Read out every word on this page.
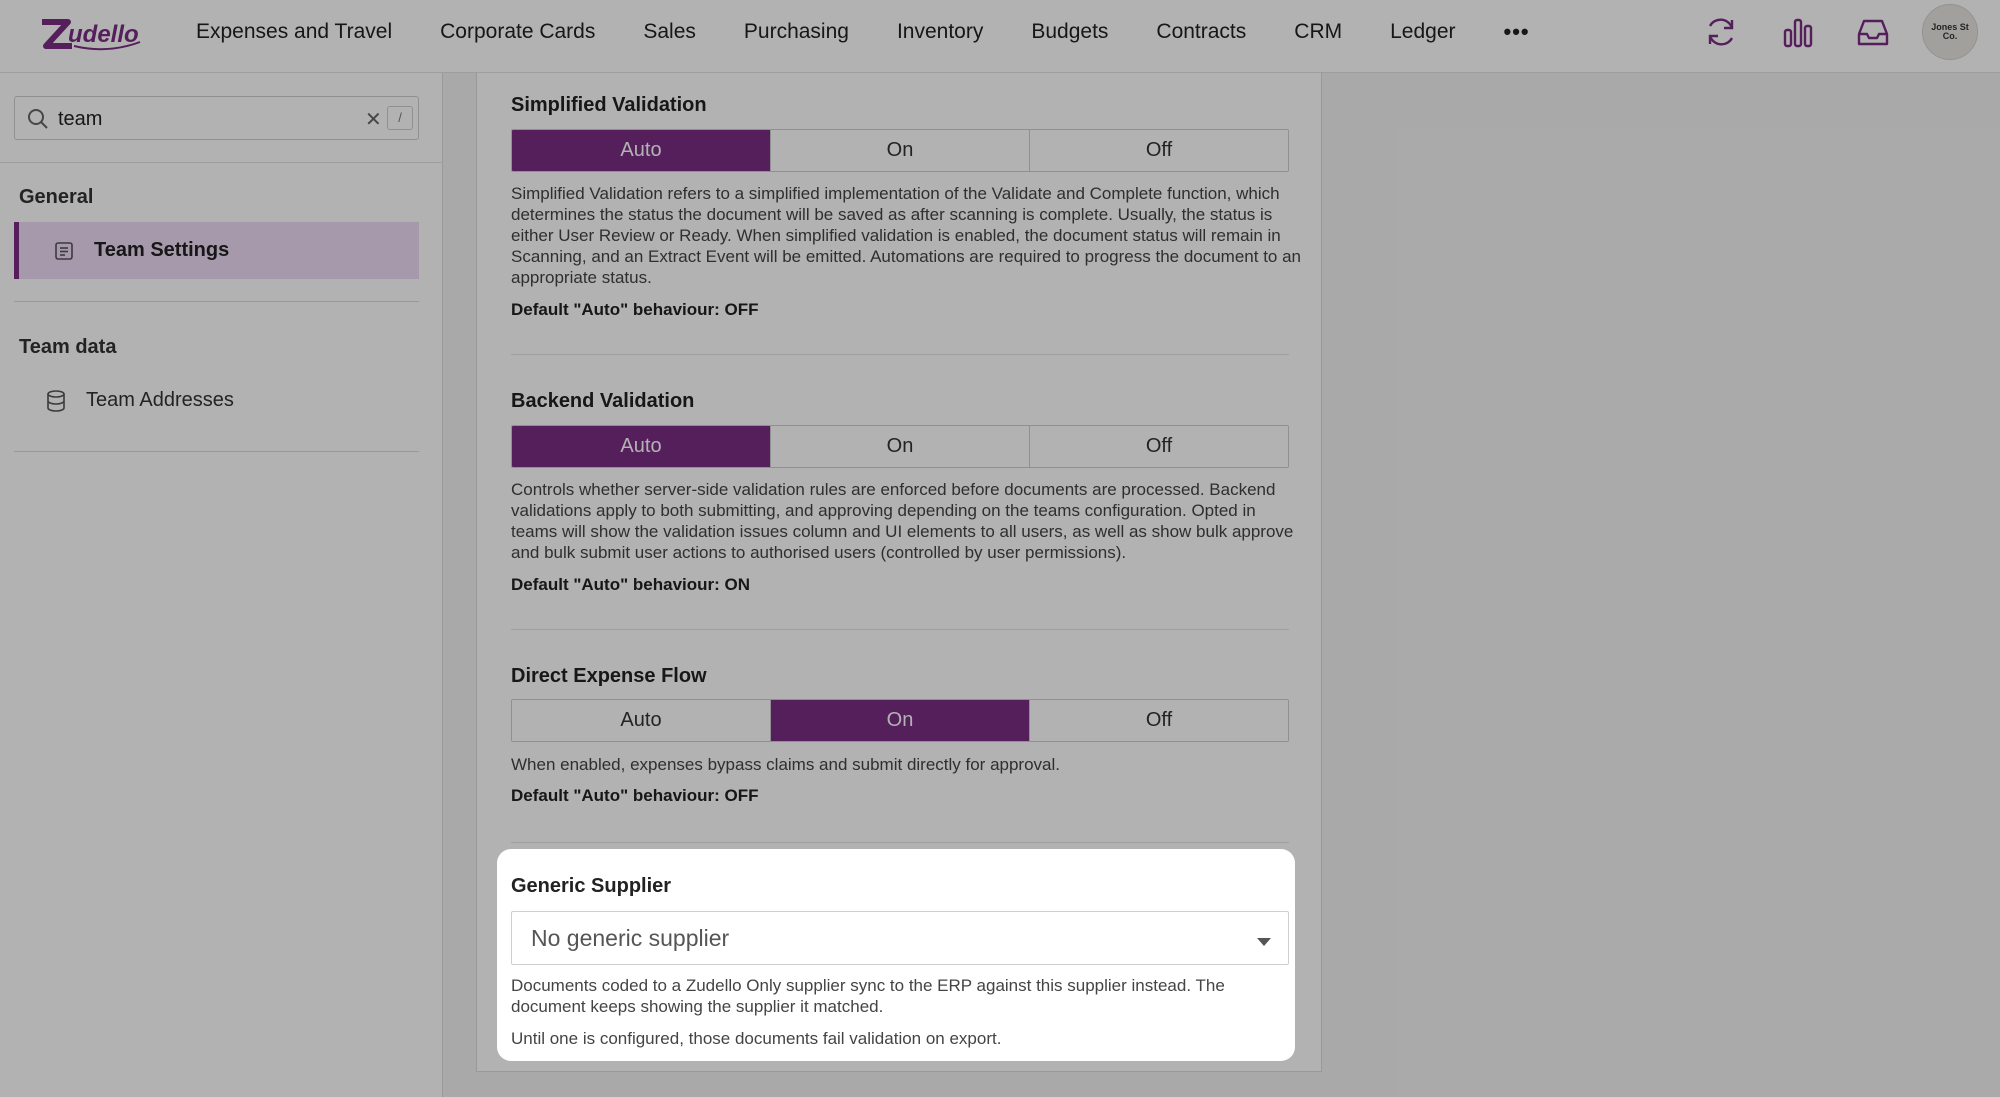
udello	Expenses and Travel	Corporate Cards	Sales	Purchasing	Inventory	Budgets	Contracts	CRM	Ledger	•••	Jones St
Co.
team	✕	/
General
Team Settings
Team data
Team Addresses
Simplified Validation
Auto	On	Off
Simplified Validation refers to a simplified implementation of the Validate and Complete function, which determines the status the document will be saved as after scanning is complete. Usually, the status is either User Review or Ready. When simplified validation is enabled, the document status will remain in Scanning, and an Extract Event will be emitted. Automations are required to progress the document to an appropriate status.
Default "Auto" behaviour: OFF
Backend Validation
Auto	On	Off
Controls whether server-side validation rules are enforced before documents are processed. Backend validations apply to both submitting, and approving depending on the teams configuration. Opted in teams will show the validation issues column and UI elements to all users, as well as show bulk approve and bulk submit user actions to authorised users (controlled by user permissions).
Default "Auto" behaviour: ON
Direct Expense Flow
Auto	On	Off
When enabled, expenses bypass claims and submit directly for approval.
Default "Auto" behaviour: OFF
Generic Supplier
No generic supplier
Documents coded to a Zudello Only supplier sync to the ERP against this supplier instead. The document keeps showing the supplier it matched.
Until one is configured, those documents fail validation on export.
